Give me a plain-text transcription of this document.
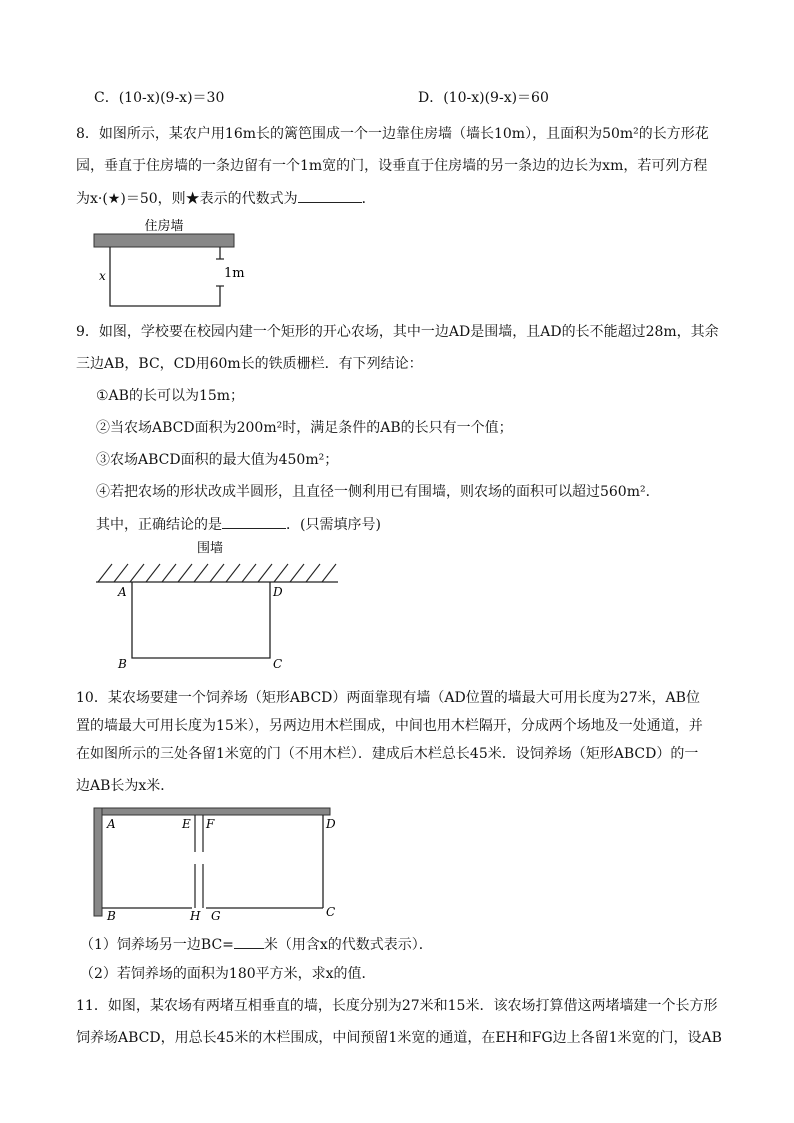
C．(10-x)(9-x)＝30	D．(10-x)(9-x)＝60
8．如图所示，某农户用16m长的篱笆围成一个一边靠住房墙（墙长10m），且面积为50m²的长方形花
园，垂直于住房墙的一条边留有一个1m宽的门，设垂直于住房墙的另一条边的边长为xm，若可列方程
为x·(★)＝50，则★表示的代数式为	．
住房墙
x	1m
9．如图，学校要在校园内建一个矩形的开心农场，其中一边AD是围墙，且AD的长不能超过28m，其余
三边AB，BC，CD用60m长的铁质栅栏．有下列结论：
①AB的长可以为15m；
②当农场ABCD面积为200m²时，满足条件的AB的长只有一个值；
③农场ABCD面积的最大值为450m²；
④若把农场的形状改成半圆形，且直径一侧利用已有围墙，则农场的面积可以超过560m²．
其中，正确结论的是	．(只需填序号)
围墙
A	D
B	C
10．某农场要建一个饲养场（矩形ABCD）两面靠现有墙（AD位置的墙最大可用长度为27米，AB位
置的墙最大可用长度为15米），另两边用木栏围成，中间也用木栏隔开，分成两个场地及一处通道，并
在如图所示的三处各留1米宽的门（不用木栏）．建成后木栏总长45米．设饲养场（矩形ABCD）的一
边AB长为x米．
A	E F	D
B	H G	C
（1）饲养场另一边BC= 米（用含x的代数式表示）．
（2）若饲养场的面积为180平方米，求x的值．
11．如图，某农场有两堵互相垂直的墙，长度分别为27米和15米．该农场打算借这两堵墙建一个长方形
饲养场ABCD，用总长45米的木栏围成，中间预留1米宽的通道，在EH和FG边上各留1米宽的门，设AB
